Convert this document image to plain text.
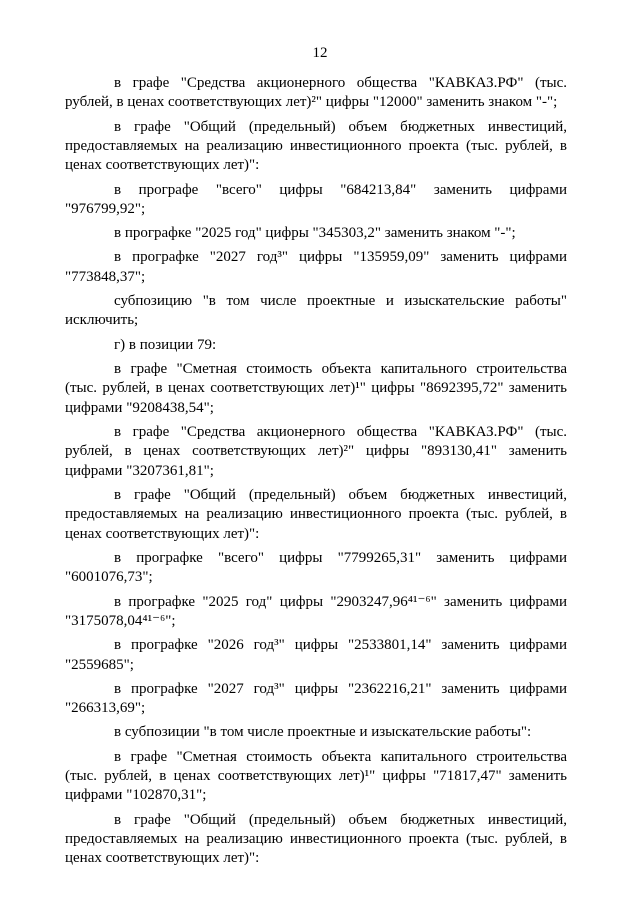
12

в графе "Средства акционерного общества "КАВКАЗ.РФ" (тыс. рублей, в ценах соответствующих лет)²" цифры "12000" заменить знаком "-";

в графе "Общий (предельный) объем бюджетных инвестиций, предоставляемых на реализацию инвестиционного проекта (тыс. рублей, в ценах соответствующих лет)":

в прографе "всего" цифры "684213,84" заменить цифрами "976799,92";

в прографке "2025 год" цифры "345303,2" заменить знаком "-";

в прографке "2027 год³" цифры "135959,09" заменить цифрами "773848,37";

субпозицию "в том числе проектные и изыскательские работы" исключить;

г) в позиции 79:

в графе "Сметная стоимость объекта капитального строительства (тыс. рублей, в ценах соответствующих лет)¹" цифры "8692395,72" заменить цифрами "9208438,54";

в графе "Средства акционерного общества "КАВКАЗ.РФ" (тыс. рублей, в ценах соответствующих лет)²" цифры "893130,41" заменить цифрами "3207361,81";

в графе "Общий (предельный) объем бюджетных инвестиций, предоставляемых на реализацию инвестиционного проекта (тыс. рублей, в ценах соответствующих лет)":

в прографке "всего" цифры "7799265,31" заменить цифрами "6001076,73";

в прографке "2025 год" цифры "2903247,96⁴¹⁻⁶" заменить цифрами "3175078,04⁴¹⁻⁶";

в прографке "2026 год³" цифры "2533801,14" заменить цифрами "2559685";

в прографке "2027 год³" цифры "2362216,21" заменить цифрами "266313,69";

в субпозиции "в том числе проектные и изыскательские работы":

в графе "Сметная стоимость объекта капитального строительства (тыс. рублей, в ценах соответствующих лет)¹" цифры "71817,47" заменить цифрами "102870,31";

в графе "Общий (предельный) объем бюджетных инвестиций, предоставляемых на реализацию инвестиционного проекта (тыс. рублей, в ценах соответствующих лет)":
